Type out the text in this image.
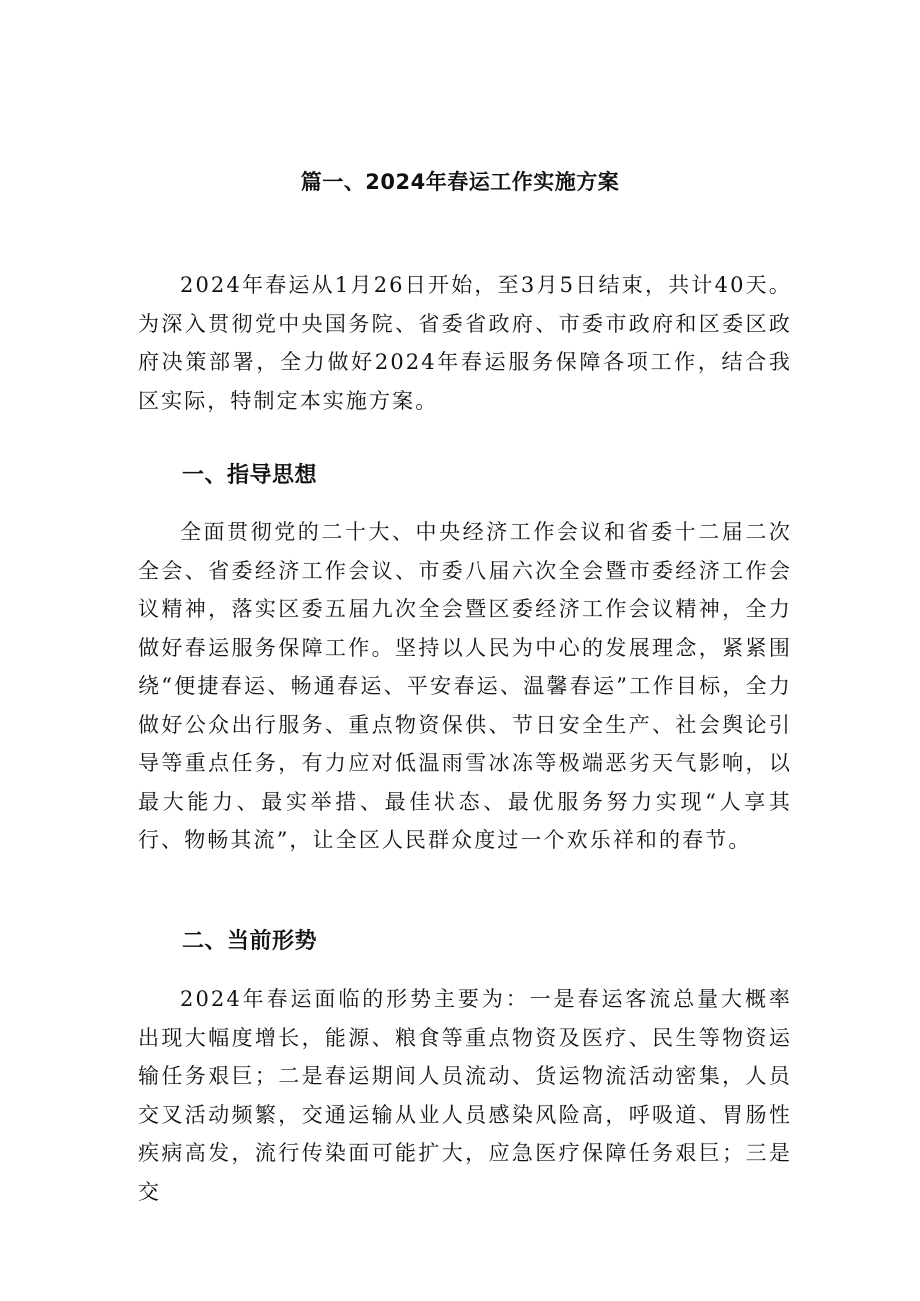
篇一、2024年春运工作实施方案

2024年春运从1月26日开始，至3月5日结束，共计40天。为深入贯彻党中央国务院、省委省政府、市委市政府和区委区政府决策部署，全力做好2024年春运服务保障各项工作，结合我区实际，特制定本实施方案。

一、指导思想

全面贯彻党的二十大、中央经济工作会议和省委十二届二次全会、省委经济工作会议、市委八届六次全会暨市委经济工作会议精神，落实区委五届九次全会暨区委经济工作会议精神，全力做好春运服务保障工作。坚持以人民为中心的发展理念，紧紧围绕“便捷春运、畅通春运、平安春运、温馨春运”工作目标，全力做好公众出行服务、重点物资保供、节日安全生产、社会舆论引导等重点任务，有力应对低温雨雪冰冻等极端恶劣天气影响，以最大能力、最实举措、最佳状态、最优服务努力实现“人享其行、物畅其流”，让全区人民群众度过一个欢乐祥和的春节。

二、当前形势

2024年春运面临的形势主要为：一是春运客流总量大概率出现大幅度增长，能源、粮食等重点物资及医疗、民生等物资运输任务艰巨；二是春运期间人员流动、货运物流活动密集，人员交叉活动频繁，交通运输从业人员感染风险高，呼吸道、胃肠性疾病高发，流行传染面可能扩大，应急医疗保障任务艰巨；三是交
